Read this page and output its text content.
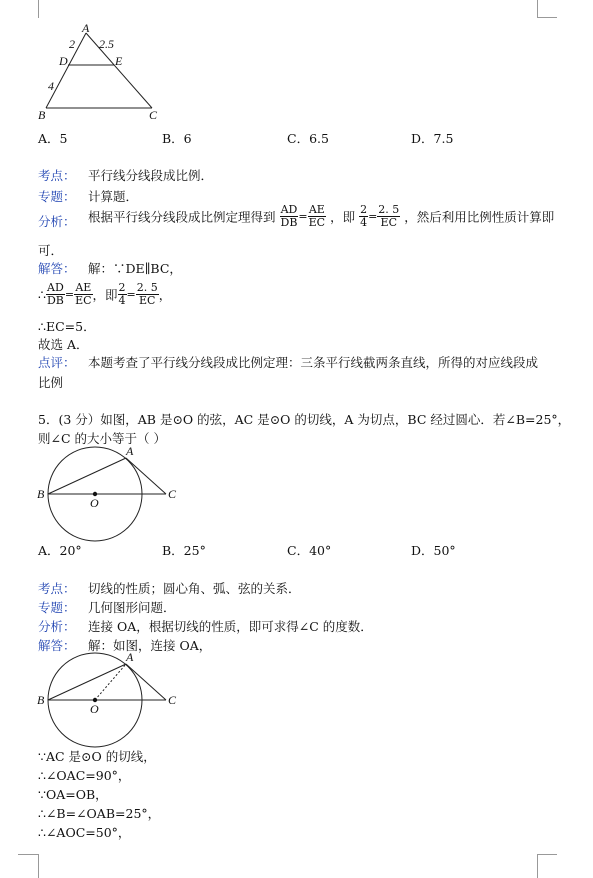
A
2 2.5
D	E
4
B	C
A．5	B．6	C．6.5	D．7.5
考点： 平行线分线段成比例．
专题： 计算题．
分析： 根据平行线分线段成比例定理得到 $\frac{AD}{DB} = \frac{AE}{EC}$ ，即 $\frac{2}{4} = \frac{2. 5}{EC}$ ，然后利用比例性质计算即
可．
解答： 解：∵DE∥BC，
∴ $\frac{AD}{DB} = \frac{AE}{EC}$ ，即 $\frac{2}{4} = \frac{2. 5}{EC}$ ，
∴EC=5．
故选 A．
点评： 本题考查了平行线分线段成比例定理：三条平行线截两条直线，所得的对应线段成
比例
5．(3 分）如图，AB 是⊙O 的弦，AC 是⊙O 的切线，A 为切点，BC 经过圆心．若∠B=25°，
则∠C 的大小等于（ ）
A
B	C
O
A．20°	B．25°	C．40°	D．50°
考点： 切线的性质；圆心角、弧、弦的关系．
专题： 几何图形问题．
分析： 连接 OA，根据切线的性质，即可求得∠C 的度数．
解答： 解：如图，连接 OA，
A
B	C
O
∵AC 是⊙O 的切线，
∴∠OAC=90°，
∵OA=OB，
∴∠B=∠OAB=25°，
∴∠AOC=50°，
